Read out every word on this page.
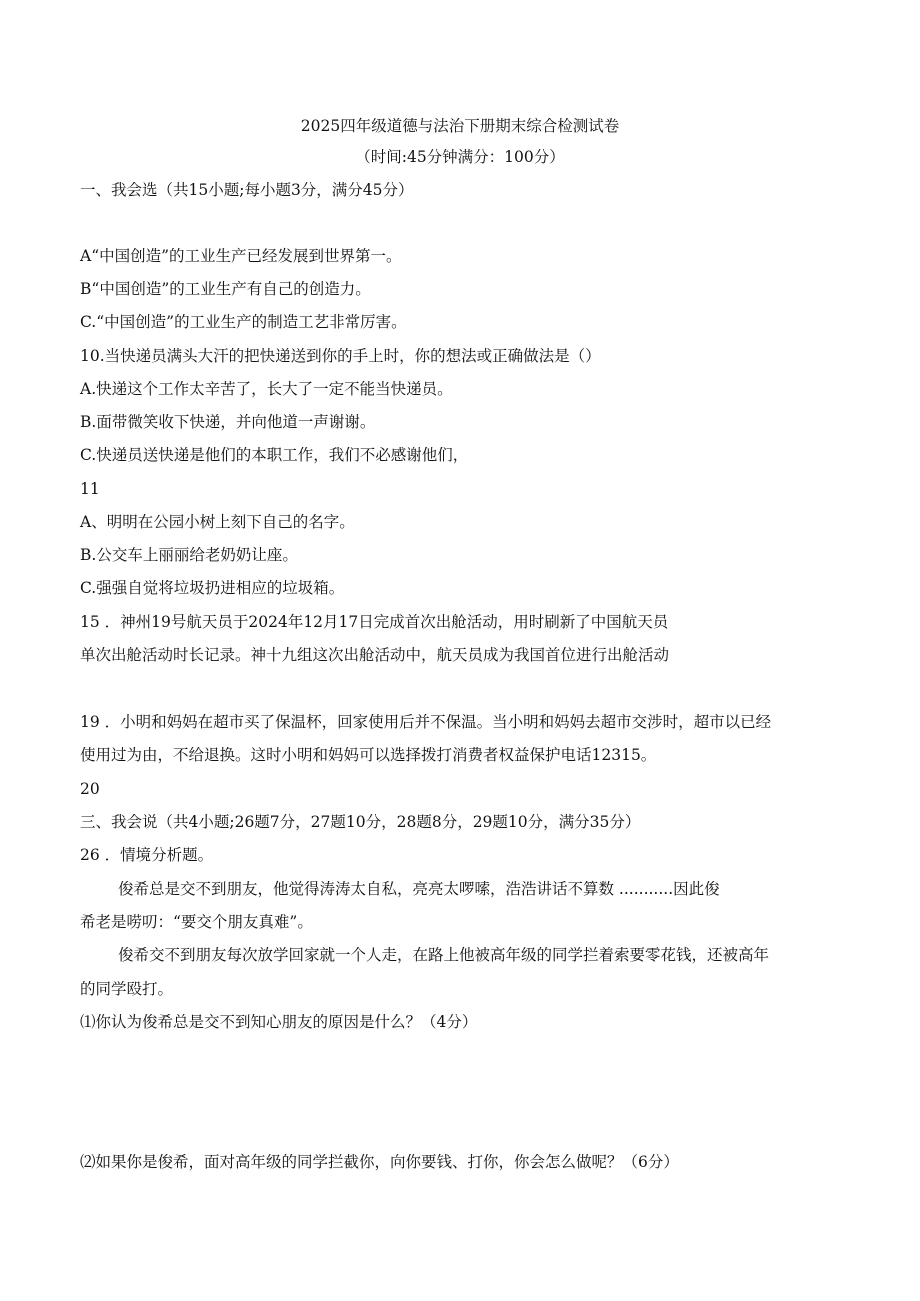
2025四年级道德与法治下册期末综合检测试卷
（时间:45分钟满分：100分）
一、我会选（共15小题;每小题3分，满分45分）
A“中国创造”的工业生产已经发展到世界第一。
B“中国创造”的工业生产有自己的创造力。
C.“中国创造”的工业生产的制造工艺非常厉害。
10.当快递员满头大汗的把快递送到你的手上时，你的想法或正确做法是（）
A.快递这个工作太辛苦了，长大了一定不能当快递员。
B.面带微笑收下快递，并向他道一声谢谢。
C.快递员送快递是他们的本职工作，我们不必感谢他们，
11
A、明明在公园小树上刻下自己的名字。
B.公交车上丽丽给老奶奶让座。
C.强强自觉将垃圾扔进相应的垃圾箱。
15 ．神州19号航天员于2024年12月17日完成首次出舱活动，用时刷新了中国航天员
单次出舱活动时长记录。神十九组这次出舱活动中，航天员成为我国首位进行出舱活动
19 ．小明和妈妈在超市买了保温杯，回家使用后并不保温。当小明和妈妈去超市交涉时，超市以已经
使用过为由，不给退换。这时小明和妈妈可以选择拨打消费者权益保护电话12315。
20
三、我会说（共4小题;26题7分，27题10分，28题8分，29题10分，满分35分）
26 ．情境分析题。
俊希总是交不到朋友，他觉得涛涛太自私，亮亮太啰嗦，浩浩讲话不算数 ...........因此俊
希老是唠叨：“要交个朋友真难”。
俊希交不到朋友每次放学回家就一个人走，在路上他被高年级的同学拦着索要零花钱，还被高年
的同学殴打。
⑴你认为俊希总是交不到知心朋友的原因是什么？（4分）
⑵如果你是俊希，面对高年级的同学拦截你，向你要钱、打你，你会怎么做呢？（6分）
